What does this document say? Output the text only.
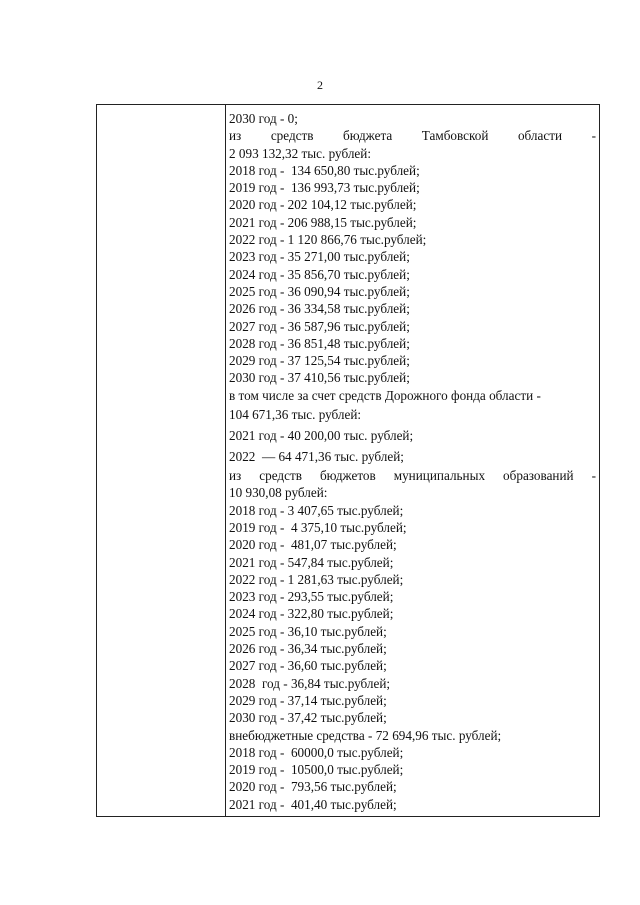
2
2030 год - 0;
из средств бюджета Тамбовской области -
2 093 132,32 тыс. рублей:
2018 год -  134 650,80 тыс.рублей;
2019 год -  136 993,73 тыс.рублей;
2020 год - 202 104,12 тыс.рублей;
2021 год - 206 988,15 тыс.рублей;
2022 год - 1 120 866,76 тыс.рублей;
2023 год - 35 271,00 тыс.рублей;
2024 год - 35 856,70 тыс.рублей;
2025 год - 36 090,94 тыс.рублей;
2026 год - 36 334,58 тыс.рублей;
2027 год - 36 587,96 тыс.рублей;
2028 год - 36 851,48 тыс.рублей;
2029 год - 37 125,54 тыс.рублей;
2030 год - 37 410,56 тыс.рублей;
в том числе за счет средств Дорожного фонда области -
104 671,36 тыс. рублей:
2021 год - 40 200,00 тыс. рублей;
2022  — 64 471,36 тыс. рублей;
из средств бюджетов муниципальных образований -
10 930,08 рублей:
2018 год - 3 407,65 тыс.рублей;
2019 год -  4 375,10 тыс.рублей;
2020 год -  481,07 тыс.рублей;
2021 год - 547,84 тыс.рублей;
2022 год - 1 281,63 тыс.рублей;
2023 год - 293,55 тыс.рублей;
2024 год - 322,80 тыс.рублей;
2025 год - 36,10 тыс.рублей;
2026 год - 36,34 тыс.рублей;
2027 год - 36,60 тыс.рублей;
2028  год - 36,84 тыс.рублей;
2029 год - 37,14 тыс.рублей;
2030 год - 37,42 тыс.рублей;
внебюджетные средства - 72 694,96 тыс. рублей;
2018 год -  60000,0 тыс.рублей;
2019 год -  10500,0 тыс.рублей;
2020 год -  793,56 тыс.рублей;
2021 год -  401,40 тыс.рублей;
